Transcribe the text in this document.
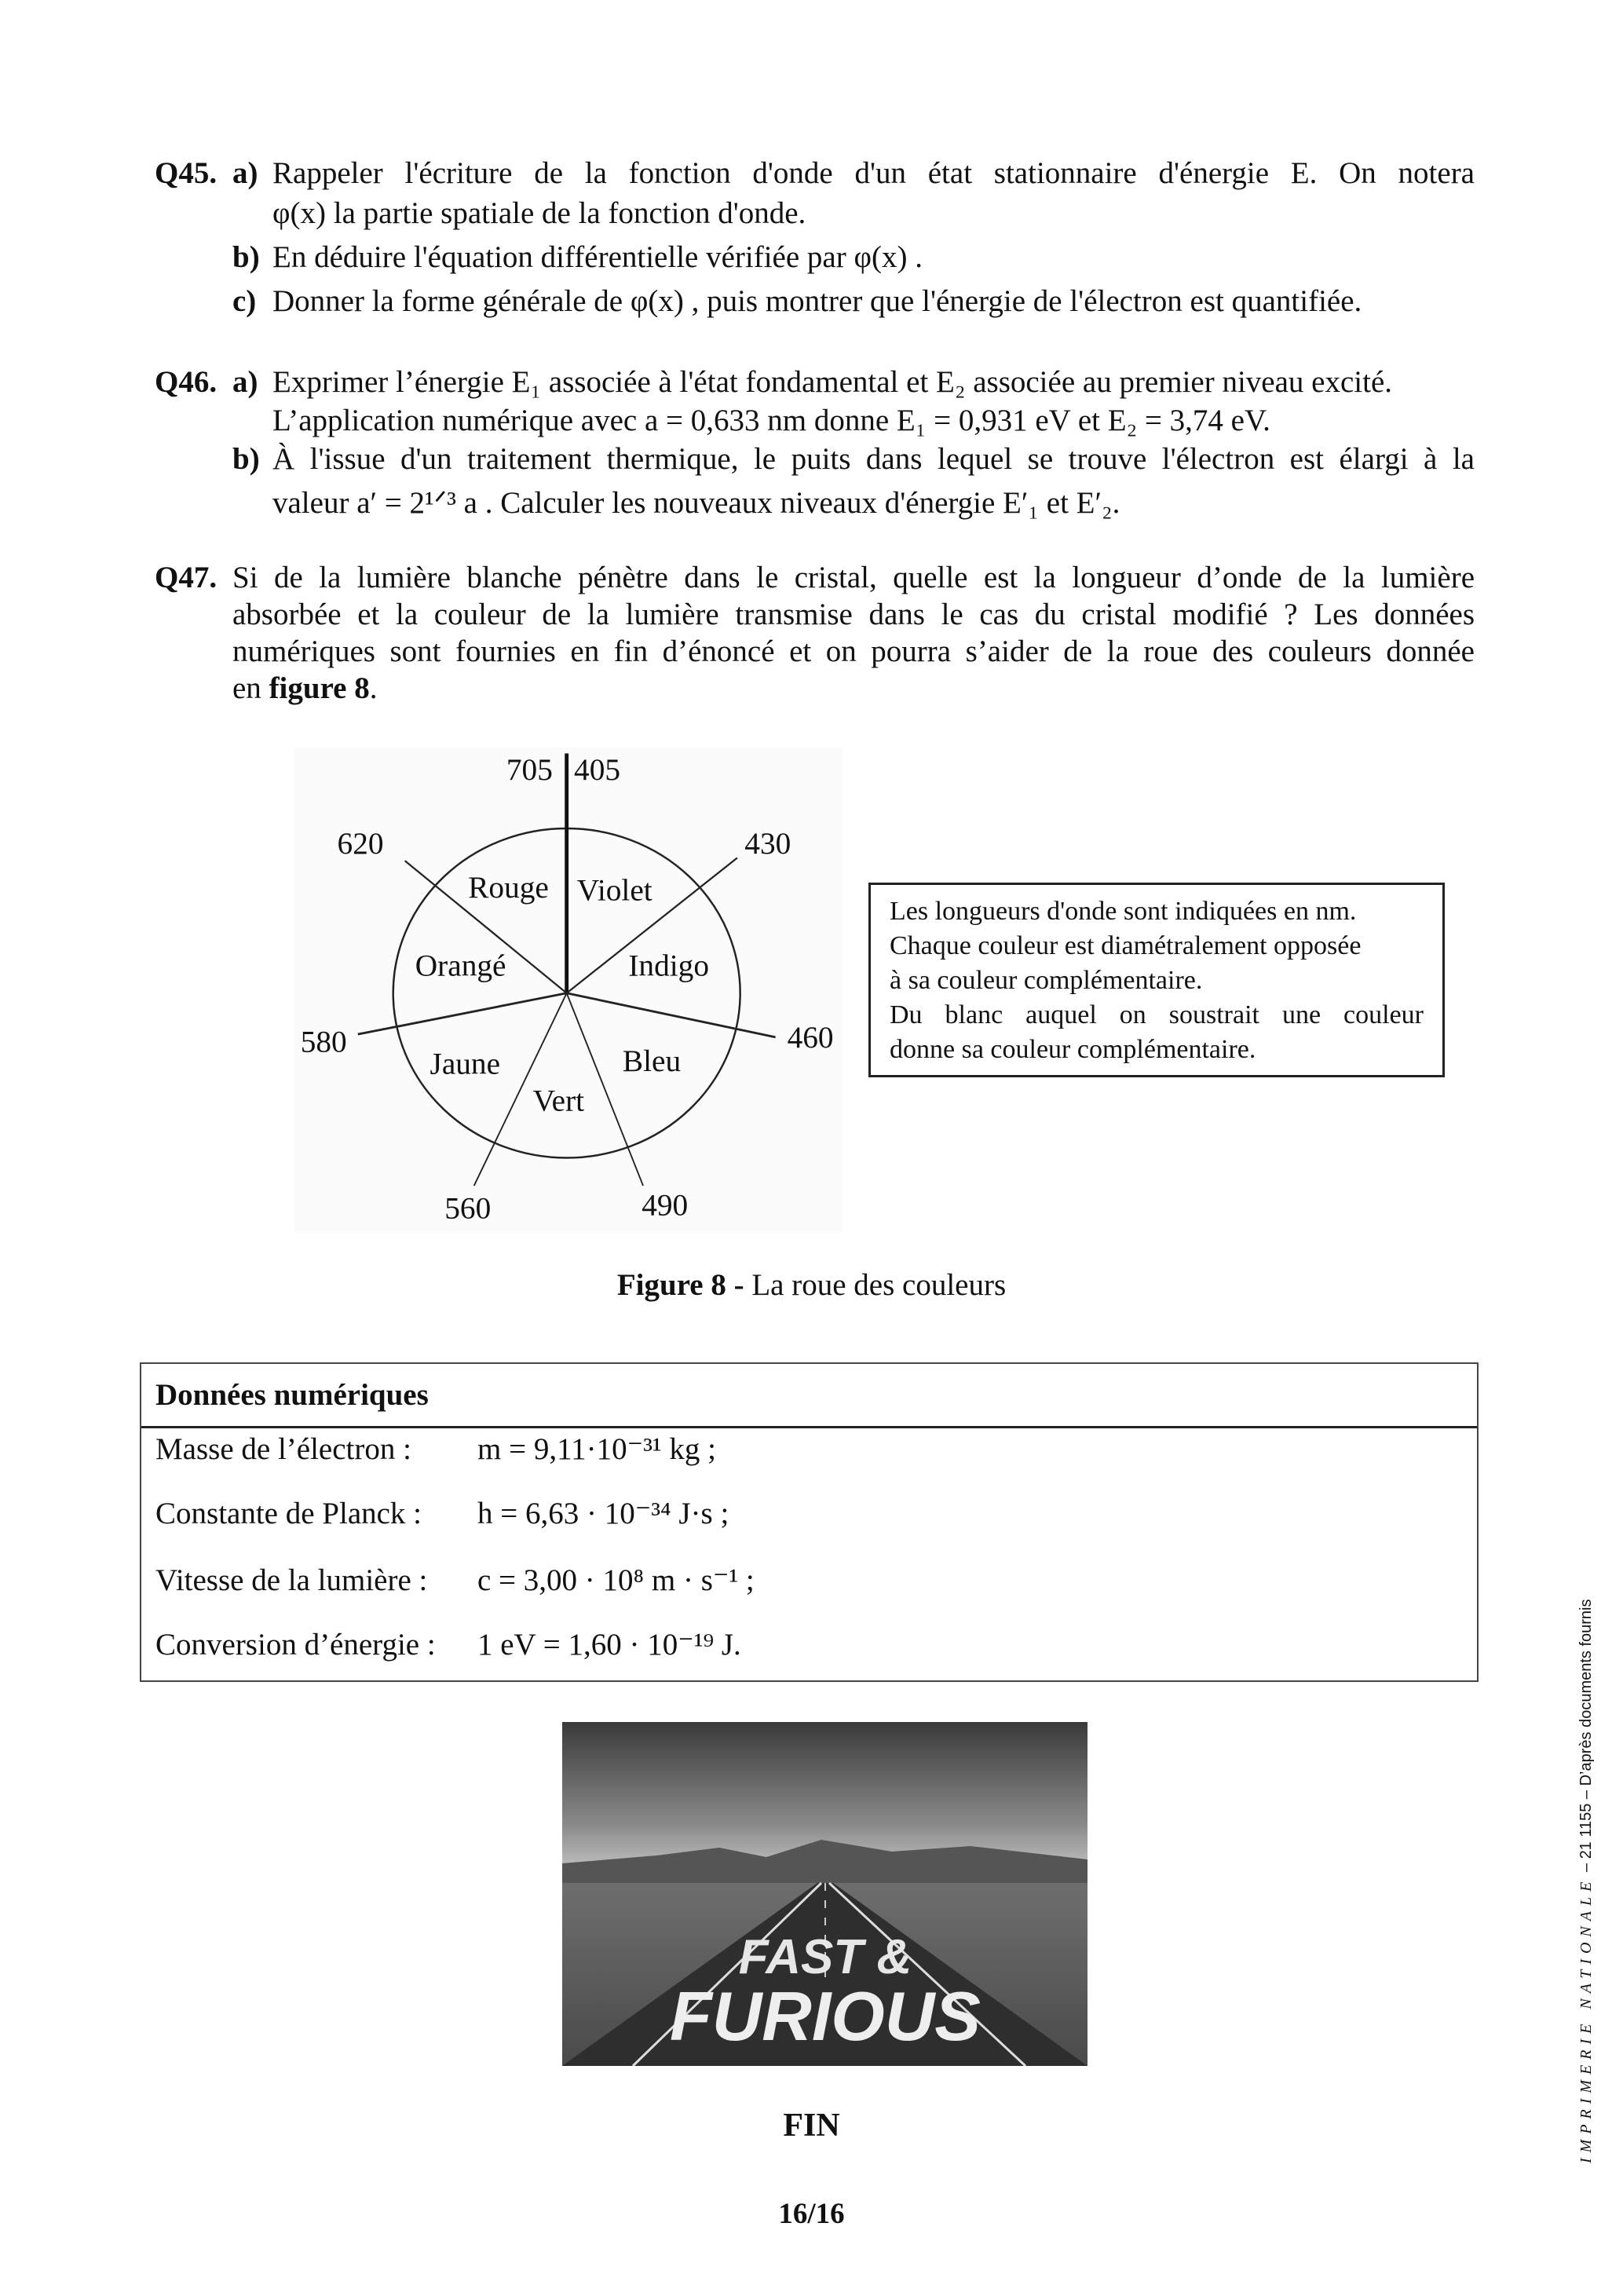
Q45. a) Rappeler l'écriture de la fonction d'onde d'un état stationnaire d'énergie E. On notera
φ(x) la partie spatiale de la fonction d'onde.
b) En déduire l'équation différentielle vérifiée par φ(x) .
c) Donner la forme générale de φ(x) , puis montrer que l'énergie de l'électron est quantifiée.
Q46. a) Exprimer l’énergie E₁ associée à l'état fondamental et E₂ associée au premier niveau excité.
L’application numérique avec a = 0,633 nm donne E₁ = 0,931 eV et E₂ = 3,74 eV.
b) À l'issue d'un traitement thermique, le puits dans lequel se trouve l'électron est élargi à la
valeur a′ = 2¹ᐟ³ a . Calculer les nouveaux niveaux d'énergie E′₁ et E′₂.
Q47. Si de la lumière blanche pénètre dans le cristal, quelle est la longueur d’onde de la lumière
absorbée et la couleur de la lumière transmise dans le cas du cristal modifié ? Les données
numériques sont fournies en fin d’énoncé et on pourra s’aider de la roue des couleurs donnée
en figure 8.
705 405
620	430
580	460
560	490
Rouge Violet
Orangé	Indigo
Jaune	Bleu
Vert
Les longueurs d'onde sont indiquées en nm.
Chaque couleur est diamétralement opposée
à sa couleur complémentaire.
Du blanc auquel on soustrait une couleur
donne sa couleur complémentaire.
Figure 8 - La roue des couleurs
Données numériques
Masse de l’électron : m = 9,11·10⁻³¹ kg ;
Constante de Planck : h = 6,63 · 10⁻³⁴ J·s ;
Vitesse de la lumière : c = 3,00 · 10⁸ m · s⁻¹ ;
Conversion d’énergie : 1 eV = 1,60 · 10⁻¹⁹ J.
FAST &
FURIOUS
FIN
16/16
IMPRIMERIE NATIONALE – 21 1155 – D’après documents fournis
